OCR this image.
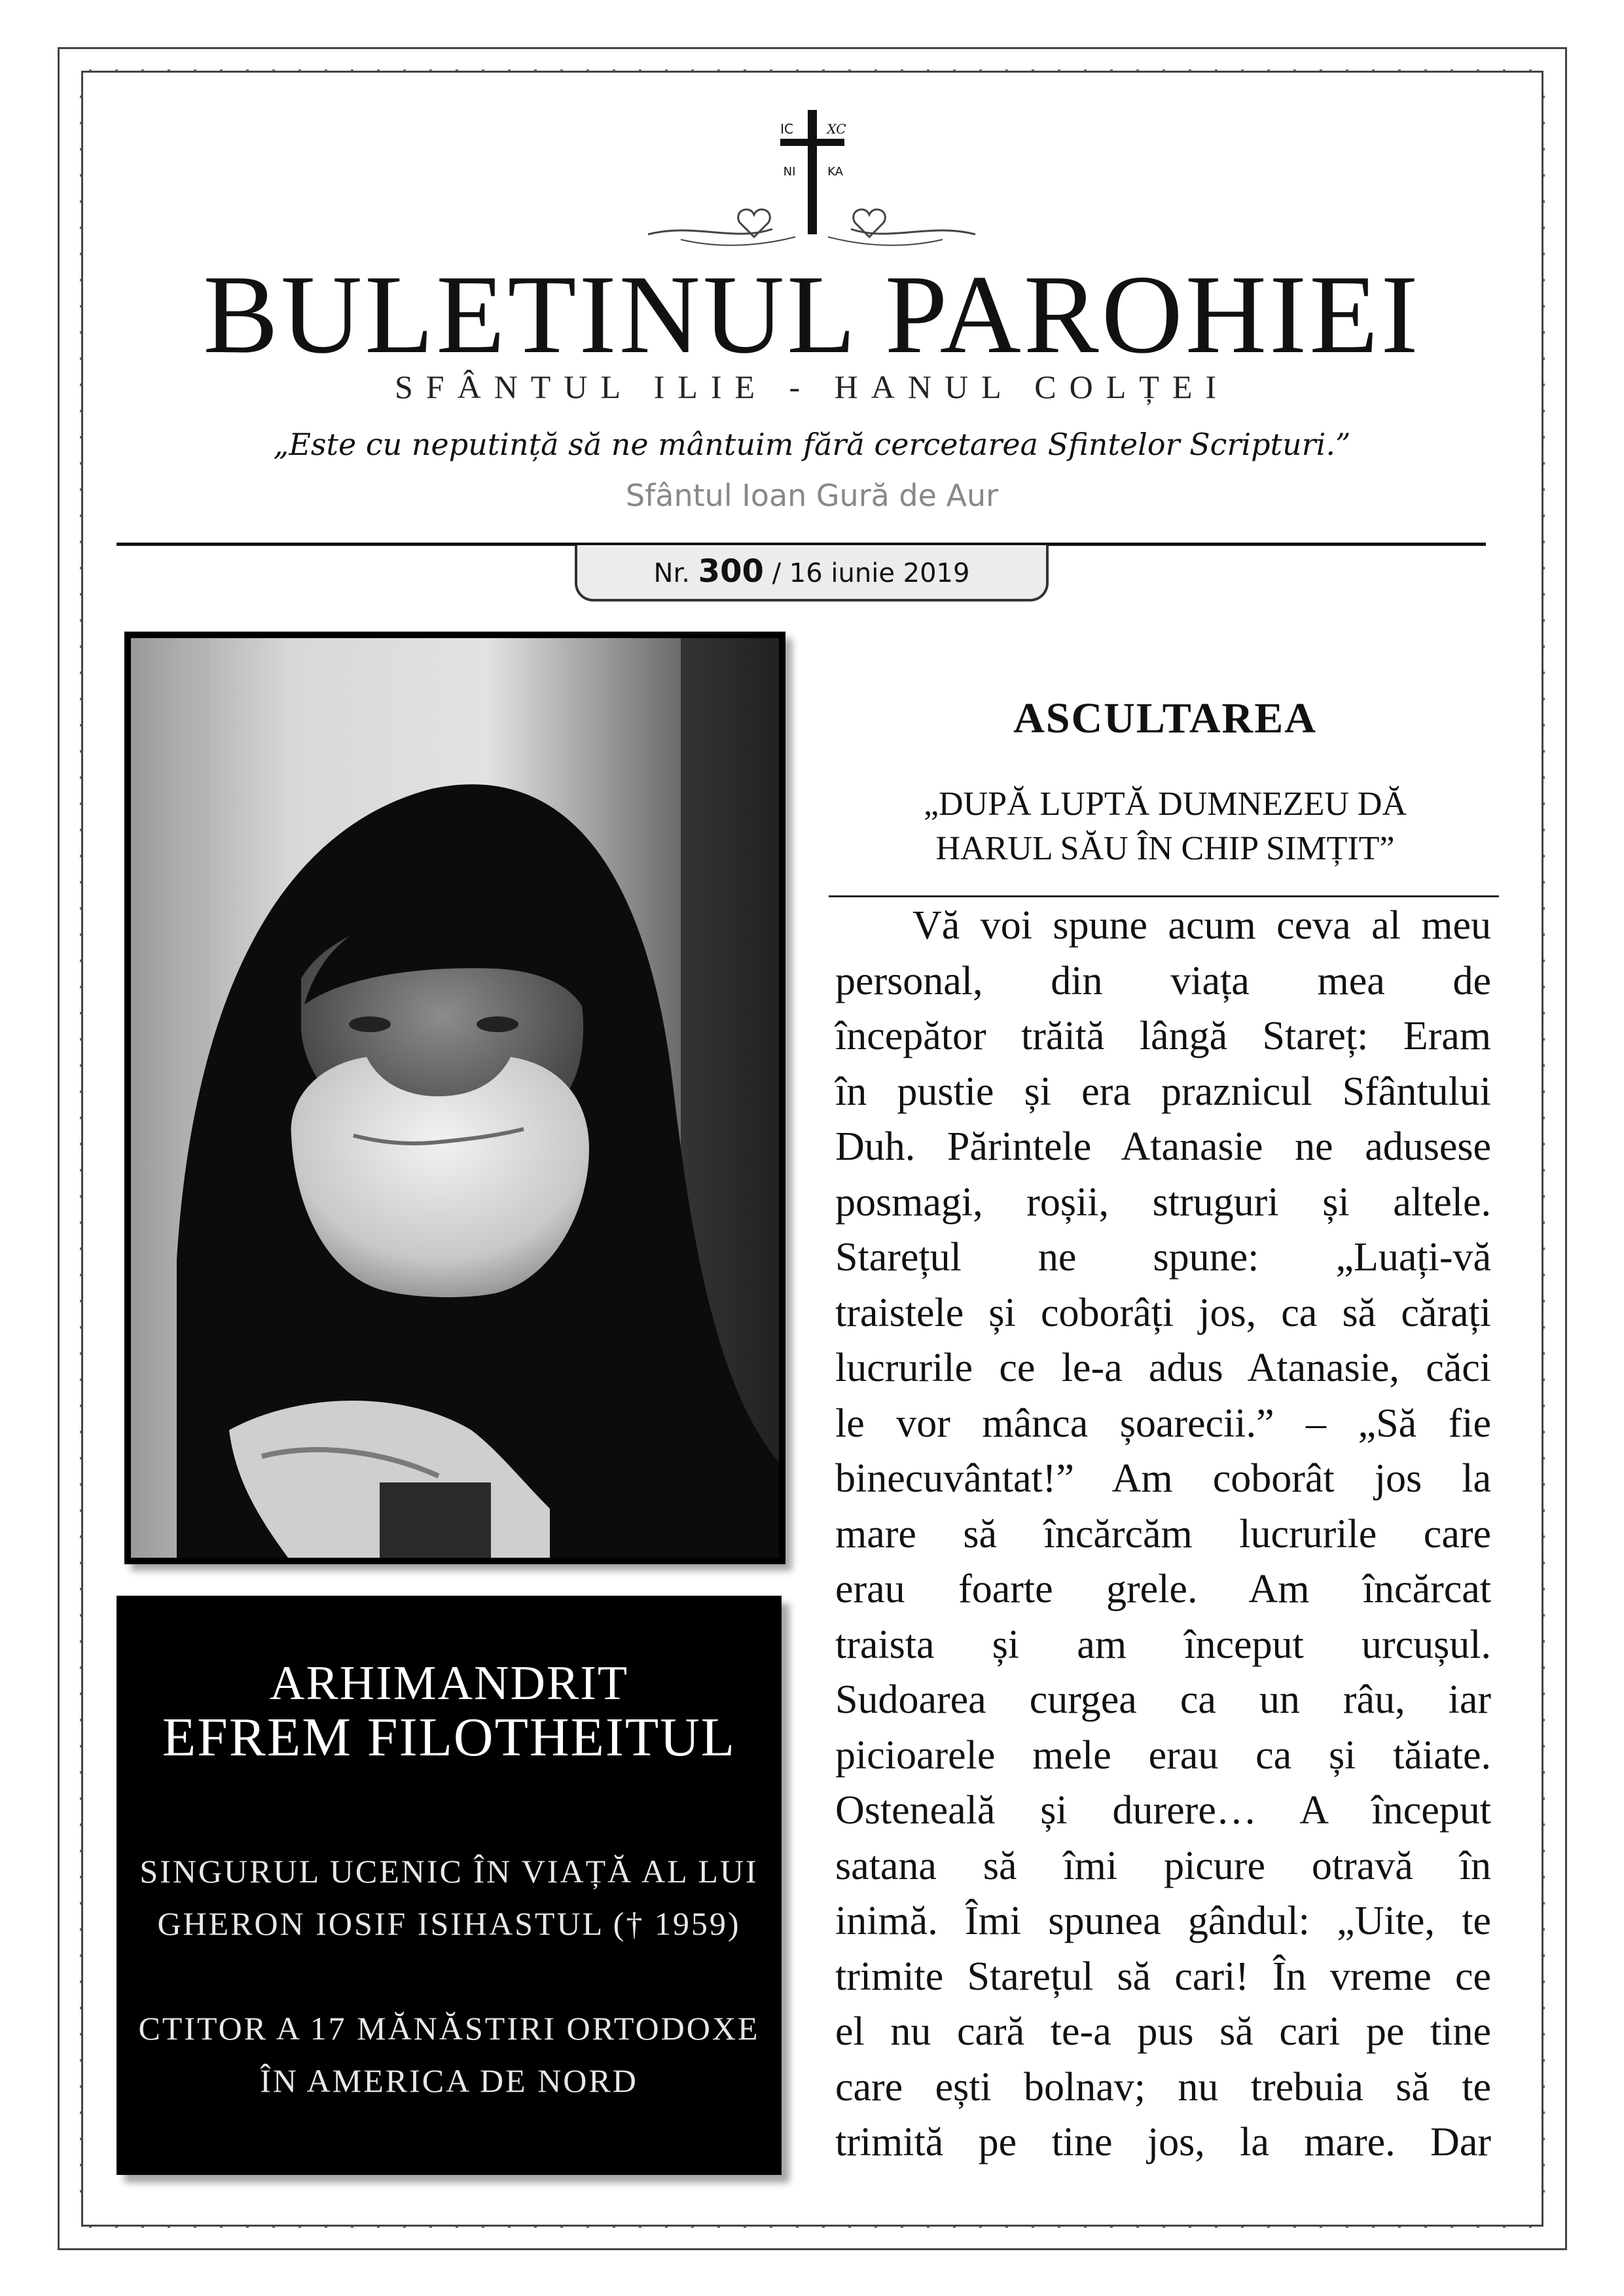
IC	XC
NI	KA
BULETINUL PAROHIEI
SFÂNTUL ILIE - HANUL COLȚEI
„Este cu neputință să ne mântuim fără cercetarea Sfintelor Scripturi.”
Sfântul Ioan Gură de Aur
Nr. 300 / 16 iunie 2019
ARHIMANDRIT
EFREM FILOTHEITUL
SINGURUL UCENIC ÎN VIAȚĂ AL LUI
GHERON IOSIF ISIHASTUL († 1959)
CTITOR A 17 MĂNĂSTIRI ORTODOXE
ÎN AMERICA DE NORD
ASCULTAREA
„DUPĂ LUPTĂ DUMNEZEU DĂ
HARUL SĂU ÎN CHIP SIMȚIT”
Vă voi spune acum ceva al meu
personal, din viața mea de
începător trăită lângă Stareț: Eram
în pustie și era praznicul Sfântului
Duh. Părintele Atanasie ne adusese
posmagi, roșii, struguri și altele.
Starețul ne spune: „Luați-vă
traistele și coborâți jos, ca să cărați
lucrurile ce le-a adus Atanasie, căci
le vor mânca șoarecii.” – „Să fie
binecuvântat!” Am coborât jos la
mare să încărcăm lucrurile care
erau foarte grele. Am încărcat
traista și am început urcușul.
Sudoarea curgea ca un râu, iar
picioarele mele erau ca și tăiate.
Osteneală și durere… A început
satana să îmi picure otravă în
inimă. Îmi spunea gândul: „Uite, te
trimite Starețul să cari! În vreme ce
el nu cară te-a pus să cari pe tine
care ești bolnav; nu trebuia să te
trimită pe tine jos, la mare. Dar
